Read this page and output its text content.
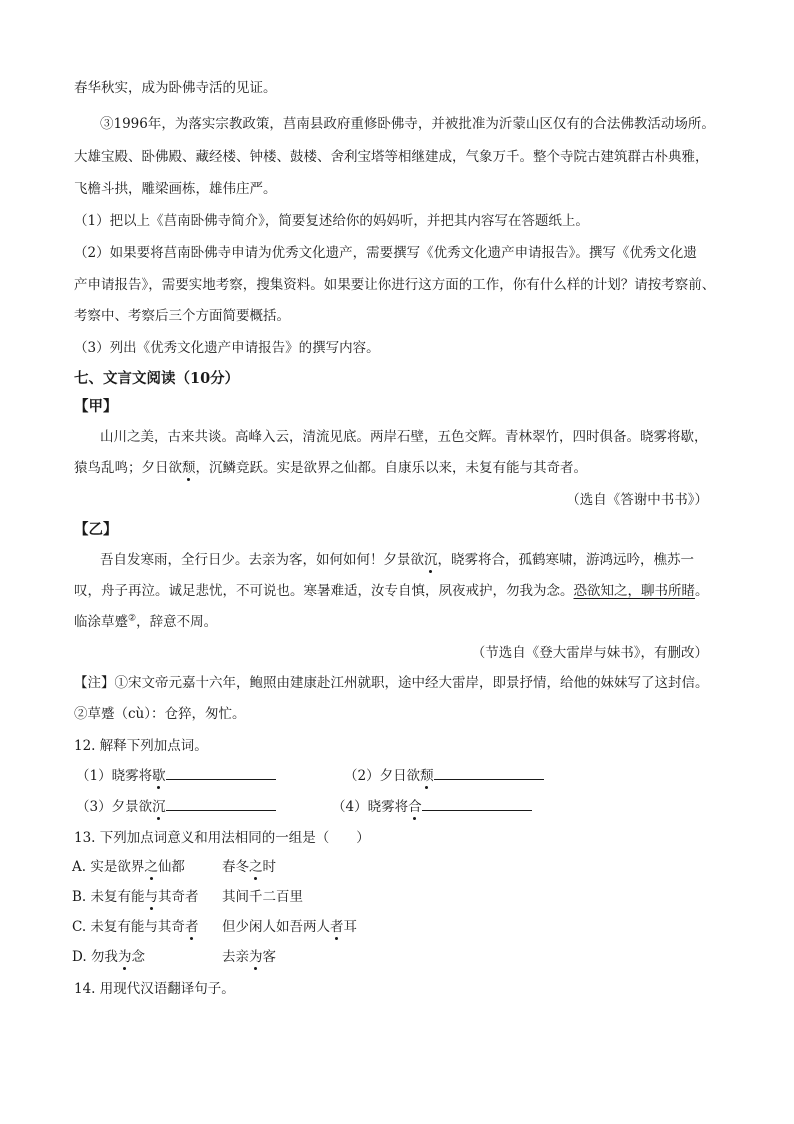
春华秋实，成为卧佛寺活的见证。
③1996年，为落实宗教政策，莒南县政府重修卧佛寺，并被批准为沂蒙山区仅有的合法佛教活动场所。
大雄宝殿、卧佛殿、藏经楼、钟楼、鼓楼、舍利宝塔等相继建成，气象万千。整个寺院古建筑群古朴典雅，
飞檐斗拱，雕梁画栋，雄伟庄严。
（1）把以上《莒南卧佛寺简介》，简要复述给你的妈妈听，并把其内容写在答题纸上。
（2）如果要将莒南卧佛寺申请为优秀文化遗产，需要撰写《优秀文化遗产申请报告》。撰写《优秀文化遗
产申请报告》，需要实地考察，搜集资料。如果要让你进行这方面的工作，你有什么样的计划？请按考察前、
考察中、考察后三个方面简要概括。
（3）列出《优秀文化遗产申请报告》的撰写内容。
七、文言文阅读（10分）
【甲】
山川之美，古来共谈。高峰入云，清流见底。两岸石壁，五色交辉。青林翠竹，四时俱备。晓雾将歇，
猿鸟乱鸣；夕日欲颓，沉鳞竞跃。实是欲界之仙都。自康乐以来，未复有能与其奇者。
（选自《答谢中书书》）
【乙】
吾自发寒雨，全行日少。去亲为客，如何如何！夕景欲沉，晓雾将合，孤鹤寒啸，游鸿远吟，樵苏一
叹，舟子再泣。诚足悲忧，不可说也。寒暑难适，汝专自慎，夙夜戒护，勿我为念。恐欲知之，聊书所睹。
临涂草蹙②，辞意不周。
（节选自《登大雷岸与妹书》，有删改）
【注】①宋文帝元嘉十六年，鲍照由建康赴江州就职，途中经大雷岸，即景抒情，给他的妹妹写了这封信。
②草蹙（cù）：仓猝，匆忙。
12. 解释下列加点词。
（1）晓雾将歇	（2）夕日欲颓
（3）夕景欲沉	（4）晓雾将合
13. 下列加点词意义和用法相同的一组是（　　）
A. 实是欲界之仙都	春冬之时
B. 未复有能与其奇者 其间千二百里
C. 未复有能与其奇者 但少闲人如吾两人者耳
D. 勿我为念	去亲为客
14. 用现代汉语翻译句子。
